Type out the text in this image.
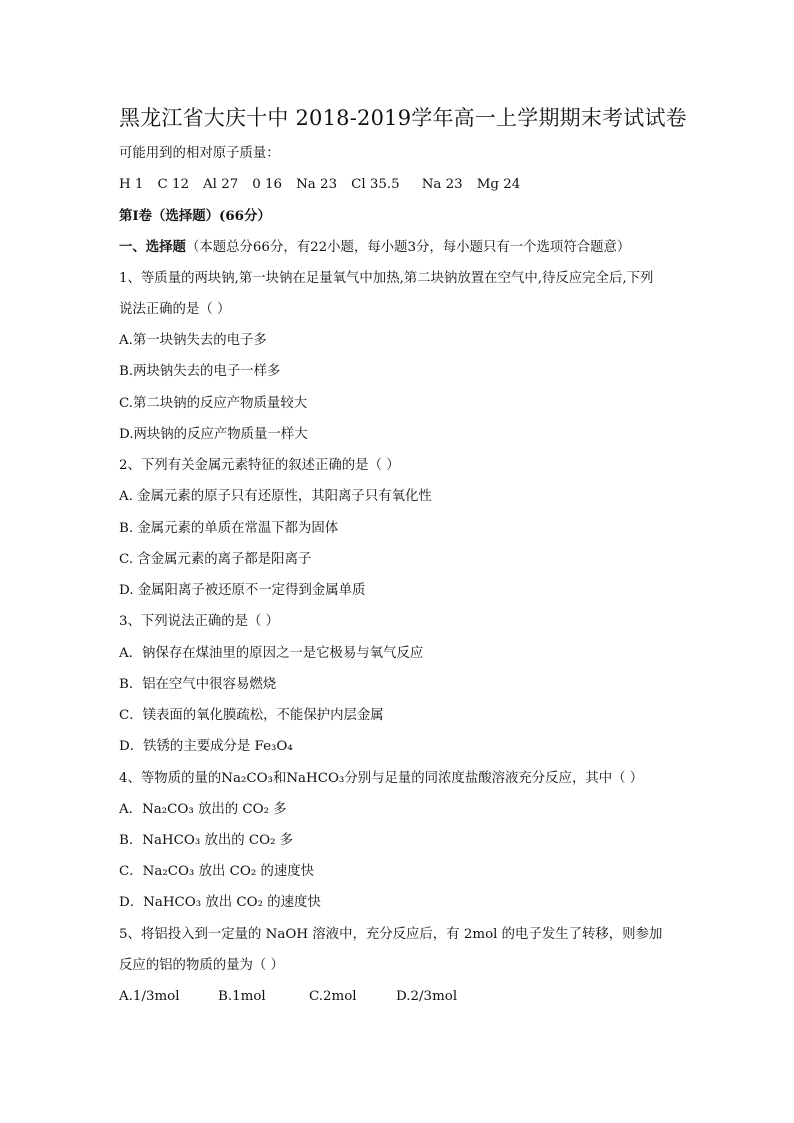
黑龙江省大庆十中 2018-2019学年高一上学期期末考试试卷
可能用到的相对原子质量：
H 1 C 12 Al 27 0 16 Na 23 Cl 35.5 Na 23 Mg 24
第Ⅰ卷（选择题）(66分）
一、选择题（本题总分66分，有22小题，每小题3分，每小题只有一个选项符合题意）
1、等质量的两块钠,第一块钠在足量氧气中加热,第二块钠放置在空气中,待反应完全后,下列
说法正确的是（ ）
A.第一块钠失去的电子多
B.两块钠失去的电子一样多
C.第二块钠的反应产物质量较大
D.两块钠的反应产物质量一样大
2、下列有关金属元素特征的叙述正确的是（ ）
A. 金属元素的原子只有还原性，其阳离子只有氧化性
B. 金属元素的单质在常温下都为固体
C. 含金属元素的离子都是阳离子
D. 金属阳离子被还原不一定得到金属单质
3、下列说法正确的是（ ）
A．钠保存在煤油里的原因之一是它极易与氧气反应
B．铝在空气中很容易燃烧
C．镁表面的氧化膜疏松，不能保护内层金属
D．铁锈的主要成分是 Fe₃O₄
4、等物质的量的Na₂CO₃和NaHCO₃分别与足量的同浓度盐酸溶液充分反应，其中（ ）
A．Na₂CO₃ 放出的 CO₂ 多
B．NaHCO₃ 放出的 CO₂ 多
C．Na₂CO₃ 放出 CO₂ 的速度快
D．NaHCO₃ 放出 CO₂ 的速度快
5、将铝投入到一定量的 NaOH 溶液中，充分反应后，有 2mol 的电子发生了转移，则参加
反应的铝的物质的量为（ ）
A.1/3mol	B.1mol	C.2mol	D.2/3mol
